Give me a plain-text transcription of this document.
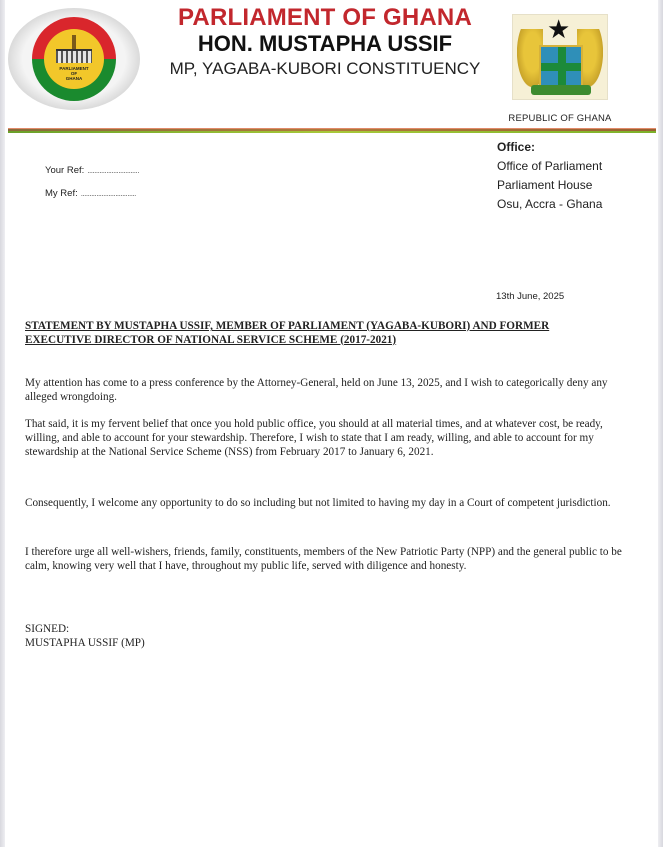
PARLIAMENT
OF
GHANA
PARLIAMENT OF GHANA
HON. MUSTAPHA USSIF
MP, YAGABA-KUBORI CONSTITUENCY
★
REPUBLIC OF GHANA
Your Ref: ..............................
My Ref: ................................
Office:
Office of Parliament
Parliament House
Osu, Accra - Ghana
13th June, 2025
STATEMENT BY MUSTAPHA USSIF, MEMBER OF PARLIAMENT (YAGABA-KUBORI) AND FORMER EXECUTIVE DIRECTOR OF NATIONAL SERVICE SCHEME (2017-2021)

My attention has come to a press conference by the Attorney-General, held on June 13, 2025, and I wish to categorically deny any alleged wrongdoing.

That said, it is my fervent belief that once you hold public office, you should at all material times, and at whatever cost, be ready, willing, and able to account for your stewardship. Therefore, I wish to state that I am ready, willing, and able to account for my stewardship at the National Service Scheme (NSS) from February 2017 to January 6, 2021.

Consequently, I welcome any opportunity to do so including but not limited to having my day in a Court of competent jurisdiction.

I therefore urge all well-wishers, friends, family, constituents, members of the New Patriotic Party (NPP) and the general public to be calm, knowing very well that I have, throughout my public life, served with diligence and honesty.

SIGNED:
MUSTAPHA USSIF (MP)
